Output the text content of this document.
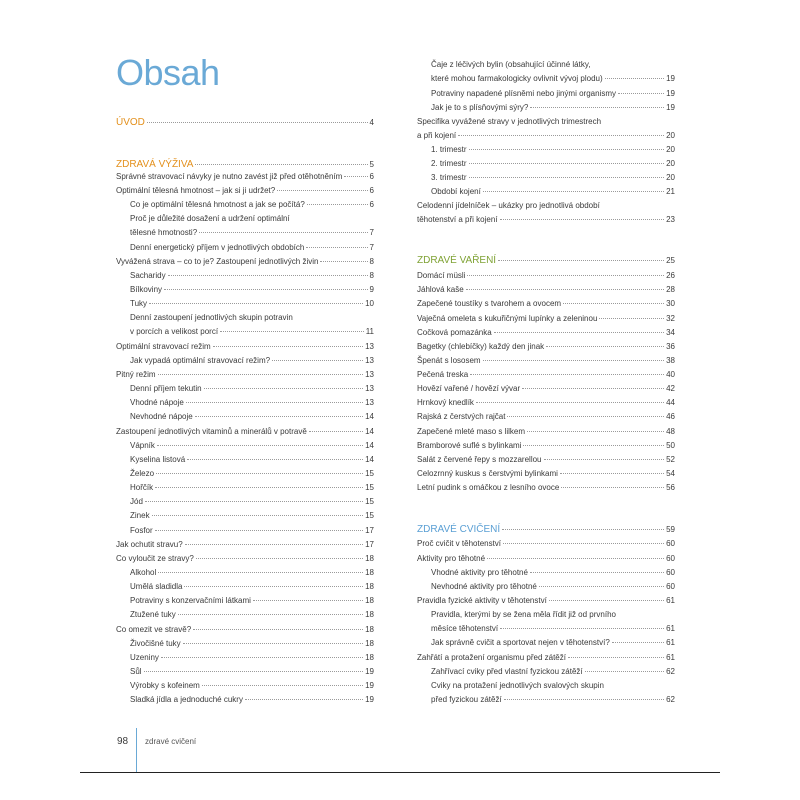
Obsah
ÚVOD	4
ZDRAVÁ VÝŽIVA	5
Správné stravovací návyky je nutno zavést již před otěhotněním	6
Optimální tělesná hmotnost – jak si ji udržet?	6
Co je optimální tělesná hmotnost a jak se počítá?	6
Proč je důležité dosažení a udržení optimální
tělesné hmotnosti?	7
Denní energetický příjem v jednotlivých obdobích	7
Vyvážená strava – co to je? Zastoupení jednotlivých živin	8
Sacharidy	8
Bílkoviny	9
Tuky	10
Denní zastoupení jednotlivých skupin potravin
v porcích a velikost porcí	11
Optimální stravovací režim	13
Jak vypadá optimální stravovací režim?	13
Pitný režim	13
Denní příjem tekutin	13
Vhodné nápoje	13
Nevhodné nápoje	14
Zastoupení jednotlivých vitaminů a minerálů v potravě	14
Vápník	14
Kyselina listová	14
Železo	15
Hořčík	15
Jód	15
Zinek	15
Fosfor	17
Jak ochutit stravu?	17
Co vyloučit ze stravy?	18
Alkohol	18
Umělá sladidla	18
Potraviny s konzervačními látkami	18
Ztužené tuky	18
Co omezit ve stravě?	18
Živočišné tuky	18
Uzeniny	18
Sůl	19
Výrobky s kofeinem	19
Sladká jídla a jednoduché cukry	19
Čaje z léčivých bylin (obsahující účinné látky,
které mohou farmakologicky ovlivnit vývoj plodu)	19
Potraviny napadené plísněmi nebo jinými organismy	19
Jak je to s plísňovými sýry?	19
Specifika vyvážené stravy v jednotlivých trimestrech
a při kojení	20
1. trimestr	20
2. trimestr	20
3. trimestr	20
Období kojení	21
Celodenní jídelníček – ukázky pro jednotlivá období
těhotenství a při kojení	23
ZDRAVÉ VAŘENÍ	25
Domácí müsli	26
Jáhlová kaše	28
Zapečené toustíky s tvarohem a ovocem	30
Vaječná omeleta s kukuřičnými lupínky a zeleninou	32
Cočková pomazánka	34
Bagetky (chlebíčky) každý den jinak	36
Špenát s lososem	38
Pečená treska	40
Hovězí vařené / hovězí vývar	42
Hrnkový knedlík	44
Rajská z čerstvých rajčat	46
Zapečené mleté maso s lilkem	48
Bramborové suflé s bylinkami	50
Salát z červené řepy s mozzarellou	52
Celozrnný kuskus s čerstvými bylinkami	54
Letní pudink s omáčkou z lesního ovoce	56
ZDRAVÉ CVIČENÍ	59
Proč cvičit v těhotenství	60
Aktivity pro těhotné	60
Vhodné aktivity pro těhotné	60
Nevhodné aktivity pro těhotné	60
Pravidla fyzické aktivity v těhotenství	61
Pravidla, kterými by se žena měla řídit již od prvního
měsíce těhotenství	61
Jak správně cvičit a sportovat nejen v těhotenství?	61
Zahřátí a protažení organismu před zátěží	61
Zahřívací cviky před vlastní fyzickou zátěží	62
Cviky na protažení jednotlivých svalových skupin
před fyzickou zátěží	62
98 zdravé cvičení
